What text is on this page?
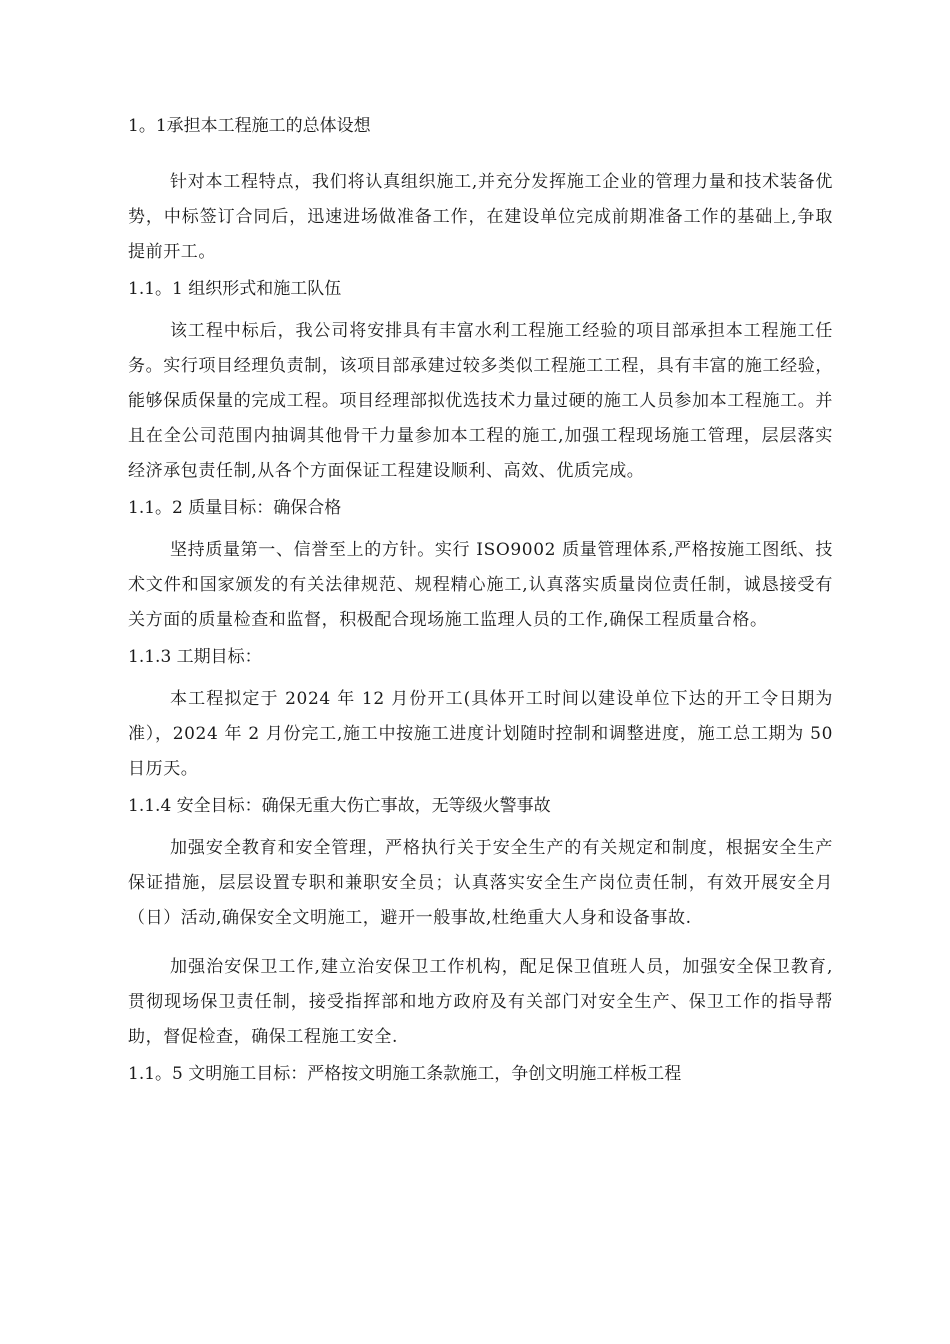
1。1承担本工程施工的总体设想

针对本工程特点，我们将认真组织施工,并充分发挥施工企业的管理力量和技术装备优势，中标签订合同后，迅速进场做准备工作，在建设单位完成前期准备工作的基础上,争取提前开工。

1.1。1 组织形式和施工队伍

该工程中标后，我公司将安排具有丰富水利工程施工经验的项目部承担本工程施工任务。实行项目经理负责制，该项目部承建过较多类似工程施工工程，具有丰富的施工经验，能够保质保量的完成工程。项目经理部拟优选技术力量过硬的施工人员参加本工程施工。并且在全公司范围内抽调其他骨干力量参加本工程的施工,加强工程现场施工管理，层层落实经济承包责任制,从各个方面保证工程建设顺利、高效、优质完成。

1.1。2 质量目标：确保合格

坚持质量第一、信誉至上的方针。实行 ISO9002 质量管理体系,严格按施工图纸、技术文件和国家颁发的有关法律规范、规程精心施工,认真落实质量岗位责任制，诚恳接受有关方面的质量检查和监督，积极配合现场施工监理人员的工作,确保工程质量合格。

1.1.3 工期目标：

本工程拟定于 2024 年 12 月份开工(具体开工时间以建设单位下达的开工令日期为准），2024 年 2 月份完工,施工中按施工进度计划随时控制和调整进度，施工总工期为 50 日历天。

1.1.4 安全目标：确保无重大伤亡事故，无等级火警事故

加强安全教育和安全管理，严格执行关于安全生产的有关规定和制度，根据安全生产保证措施，层层设置专职和兼职安全员；认真落实安全生产岗位责任制，有效开展安全月（日）活动,确保安全文明施工，避开一般事故,杜绝重大人身和设备事故.

加强治安保卫工作,建立治安保卫工作机构，配足保卫值班人员，加强安全保卫教育,贯彻现场保卫责任制，接受指挥部和地方政府及有关部门对安全生产、保卫工作的指导帮助，督促检查，确保工程施工安全.

1.1。5 文明施工目标：严格按文明施工条款施工，争创文明施工样板工程
